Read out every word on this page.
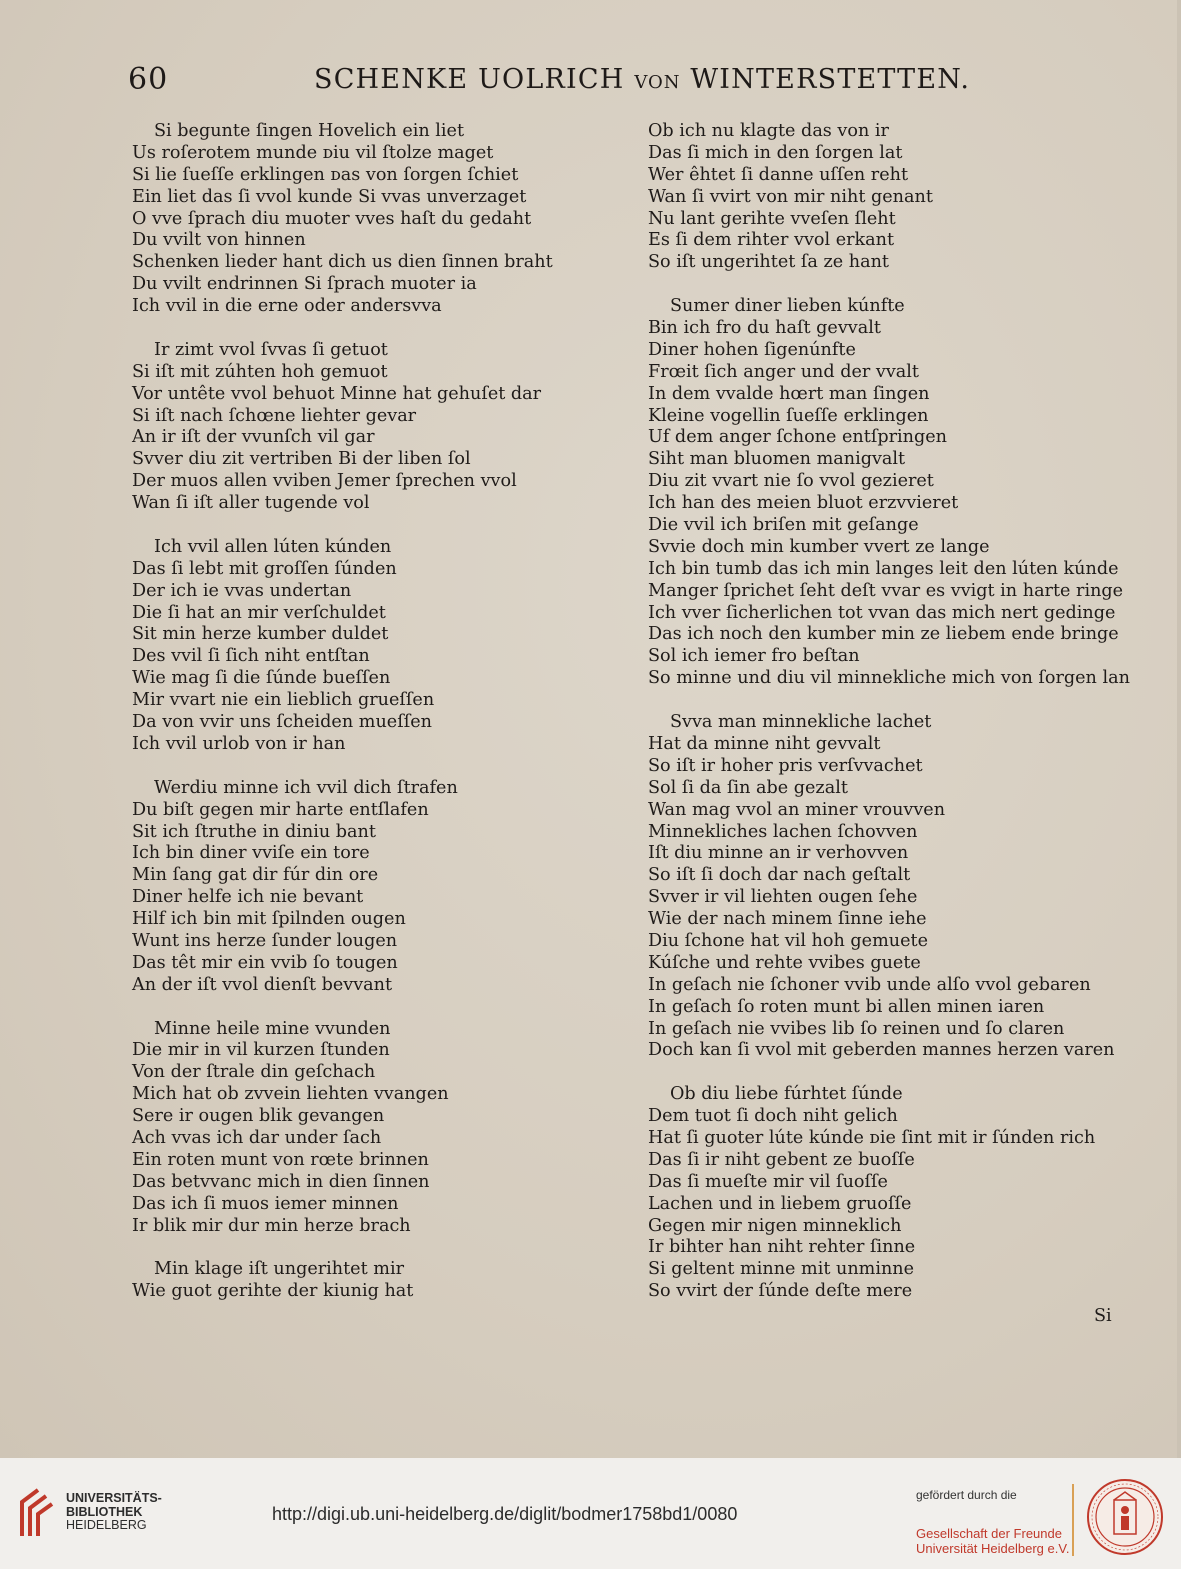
60	SCHENKE UOLRICH VON WINTERSTETTEN.
Si begunte ſingen Hovelich ein liet
Us roſerotem munde ᴅiu vil ſtolze maget
Si lie ſueſſe erklingen ᴅas von ſorgen ſchiet
Ein liet das ſi vvol kunde Si vvas unverzaget
O vve ſprach diu muoter vves haſt du gedaht
Du vvilt von hinnen
Schenken lieder hant dich us dien ſinnen braht
Du vvilt endrinnen Si ſprach muoter ia
Ich vvil in die erne oder andersvva
Ir zimt vvol ſvvas ſi getuot
Si iſt mit zúhten hoh gemuot
Vor untête vvol behuot Minne hat gehuſet dar
Si iſt nach ſchœne liehter gevar
An ir iſt der vvunſch vil gar
Svver diu zit vertriben Bi der liben ſol
Der muos allen vviben Jemer ſprechen vvol
Wan ſi iſt aller tugende vol
Ich vvil allen lúten kúnden
Das ſi lebt mit groſſen ſúnden
Der ich ie vvas undertan
Die ſi hat an mir verſchuldet
Sit min herze kumber duldet
Des vvil ſi ſich niht entſtan
Wie mag ſi die ſúnde bueſſen
Mir vvart nie ein lieblich grueſſen
Da von vvir uns ſcheiden mueſſen
Ich vvil urlob von ir han
Werdiu minne ich vvil dich ſtrafen
Du biſt gegen mir harte entſlafen
Sit ich ſtruthe in diniu bant
Ich bin diner vviſe ein tore
Min ſang gat dir fúr din ore
Diner helfe ich nie bevant
Hilf ich bin mit ſpilnden ougen
Wunt ins herze ſunder lougen
Das têt mir ein vvib ſo tougen
An der iſt vvol dienſt bevvant
Minne heile mine vvunden
Die mir in vil kurzen ſtunden
Von der ſtrale din geſchach
Mich hat ob zvvein liehten vvangen
Sere ir ougen blik gevangen
Ach vvas ich dar under ſach
Ein roten munt von rœte brinnen
Das betvvanc mich in dien ſinnen
Das ich ſi muos iemer minnen
Ir blik mir dur min herze brach
Min klage iſt ungerihtet mir
Wie guot gerihte der kiunig hat
Ob ich nu klagte das von ir
Das ſi mich in den ſorgen lat
Wer êhtet ſi danne uſſen reht
Wan ſi vvirt von mir niht genant
Nu lant gerihte vveſen ſleht
Es ſi dem rihter vvol erkant
So iſt ungerihtet ſa ze hant
Sumer diner lieben kúnfte
Bin ich fro du haſt gevvalt
Diner hohen ſigenúnfte
Frœit ſich anger und der vvalt
In dem vvalde hœrt man ſingen
Kleine vogellin ſueſſe erklingen
Uf dem anger ſchone entſpringen
Siht man bluomen manigvalt
Diu zit vvart nie ſo vvol gezieret
Ich han des meien bluot erzvvieret
Die vvil ich briſen mit geſange
Svvie doch min kumber vvert ze lange
Ich bin tumb das ich min langes leit den lúten kúnde
Manger ſprichet ſeht deſt vvar es vvigt in harte ringe
Ich vver ſicherlichen tot vvan das mich nert gedinge
Das ich noch den kumber min ze liebem ende bringe
Sol ich iemer fro beſtan
So minne und diu vil minnekliche mich von ſorgen lan
Svva man minnekliche lachet
Hat da minne niht gevvalt
So iſt ir hoher pris verſvvachet
Sol ſi da ſin abe gezalt
Wan mag vvol an miner vrouvven
Minnekliches lachen ſchovven
Iſt diu minne an ir verhovven
So iſt ſi doch dar nach geſtalt
Svver ir vil liehten ougen ſehe
Wie der nach minem ſinne iehe
Diu ſchone hat vil hoh gemuete
Kúſche und rehte vvibes guete
In geſach nie ſchoner vvib unde alſo vvol gebaren
In geſach ſo roten munt bi allen minen iaren
In geſach nie vvibes lib ſo reinen und ſo claren
Doch kan ſi vvol mit geberden mannes herzen varen
Ob diu liebe fúrhtet ſúnde
Dem tuot ſi doch niht gelich
Hat ſi guoter lúte kúnde ᴅie ſint mit ir ſúnden rich
Das ſi ir niht gebent ze buoſſe
Das ſi mueſte mir vil ſuoſſe
Lachen und in liebem gruoſſe
Gegen mir nigen minneklich
Ir bihter han niht rehter ſinne
Si geltent minne mit unminne
So vvirt der ſúnde deſte mere
Si
UNIVERSITÄTS-
BIBLIOTHEK
HEIDELBERG
http://digi.ub.uni-heidelberg.de/diglit/bodmer1758bd1/0080
gefördert durch die
Gesellschaft der Freunde
Universität Heidelberg e.V.
